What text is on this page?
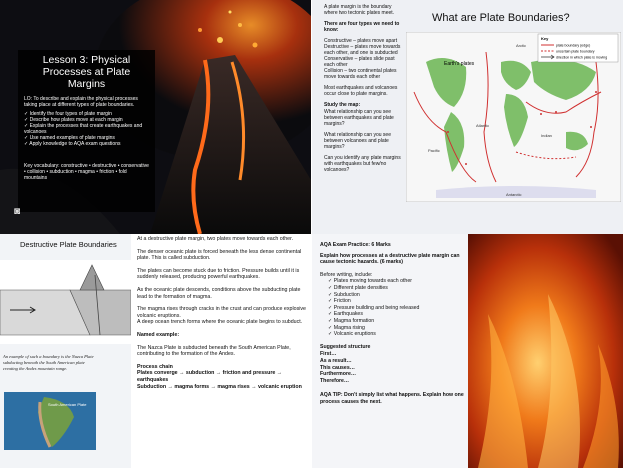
Lesson 3: Physical Processes at Plate Margins

LO: To describe and explain the physical processes taking place at different types of plate boundaries.

✓ Identify the four types of plate margin
✓ Describe how plates move at each margin
✓ Explain the processes that create earthquakes and volcanoes
✓ Use named examples of plate margins
✓ Apply knowledge to AQA exam questions

Key vocabulary: constructive • destructive • conservative • collision • subduction • magma • friction • fold mountains

◙

A plate margin is the boundary where two tectonic plates meet.

There are four types we need to know:

Constructive – plates move apart
Destructive – plates move towards each other, and one is subducted
Conservative – plates slide past each other
Collision – two continental plates move towards each other

Most earthquakes and volcanoes occur close to plate margins.

Study the map:

What relationship can you see between earthquakes and plate margins?

What relationship can you see between volcanoes and plate margins?

Can you identify any plate margins with earthquakes but few/no volcanoes?

What are Plate Boundaries?
Earth's plates
Pacific
Atlantic
Indian
Arctic
Antarctic
Key
plate boundary (edge)
uncertain plate boundary
direction in which plate is moving
Destructive Plate Boundaries
An example of such a boundary is the Nazca Plate subducting beneath the South American plate creating the Andes mountain range.
South American Plate

At a destructive plate margin, two plates move towards each other.

The denser oceanic plate is forced beneath the less dense continental plate. This is called subduction.

The plates can become stuck due to friction. Pressure builds until it is suddenly released, producing powerful earthquakes.

As the oceanic plate descends, conditions above the subducting plate lead to the formation of magma.

The magma rises through cracks in the crust and can produce explosive volcanic eruptions.
A deep ocean trench forms where the oceanic plate begins to subduct.

Named example:

The Nazca Plate is subducted beneath the South American Plate, contributing to the formation of the Andes.

Process chain
Plates converge → subduction → friction and pressure → earthquakes
Subduction → magma forms → magma rises → volcanic eruption

AQA Exam Practice: 6 Marks

Explain how processes at a destructive plate margin can cause tectonic hazards. (6 marks)

Before writing, include:

✓ Plates moving towards each other
✓ Different plate densities
✓ Subduction
✓ Friction
✓ Pressure building and being released
✓ Earthquakes
✓ Magma formation
✓ Magma rising
✓ Volcanic eruptions

Suggested structure

First…
As a result…
This causes…
Furthermore…
Therefore…

AQA TIP: Don't simply list what happens. Explain how one process causes the next.
